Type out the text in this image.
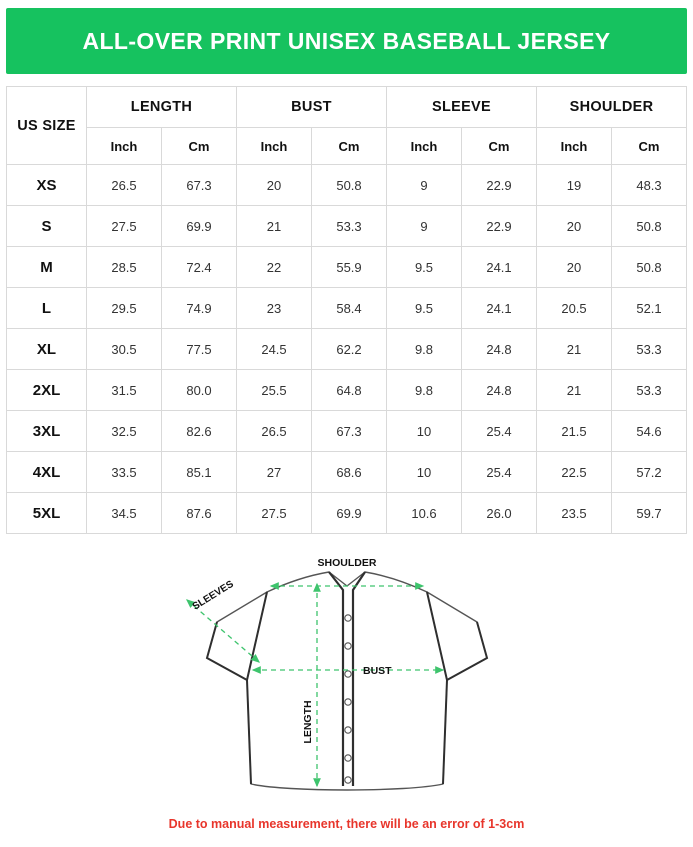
ALL-OVER PRINT UNISEX BASEBALL JERSEY
US SIZE	LENGTH		BUST		SLEEVE		SHOULDER	
	Inch	Cm	Inch	Cm	Inch	Cm	Inch	Cm
XS	26.5	67.3	20	50.8	9	22.9	19	48.3
S	27.5	69.9	21	53.3	9	22.9	20	50.8
M	28.5	72.4	22	55.9	9.5	24.1	20	50.8
L	29.5	74.9	23	58.4	9.5	24.1	20.5	52.1
XL	30.5	77.5	24.5	62.2	9.8	24.8	21	53.3
2XL	31.5	80.0	25.5	64.8	9.8	24.8	21	53.3
3XL	32.5	82.6	26.5	67.3	10	25.4	21.5	54.6
4XL	33.5	85.1	27	68.6	10	25.4	22.5	57.2
5XL	34.5	87.6	27.5	69.9	10.6	26.0	23.5	59.7
SHOULDER
SLEEVES
BUST
LENGTH
Due to manual measurement, there will be an error of 1-3cm
